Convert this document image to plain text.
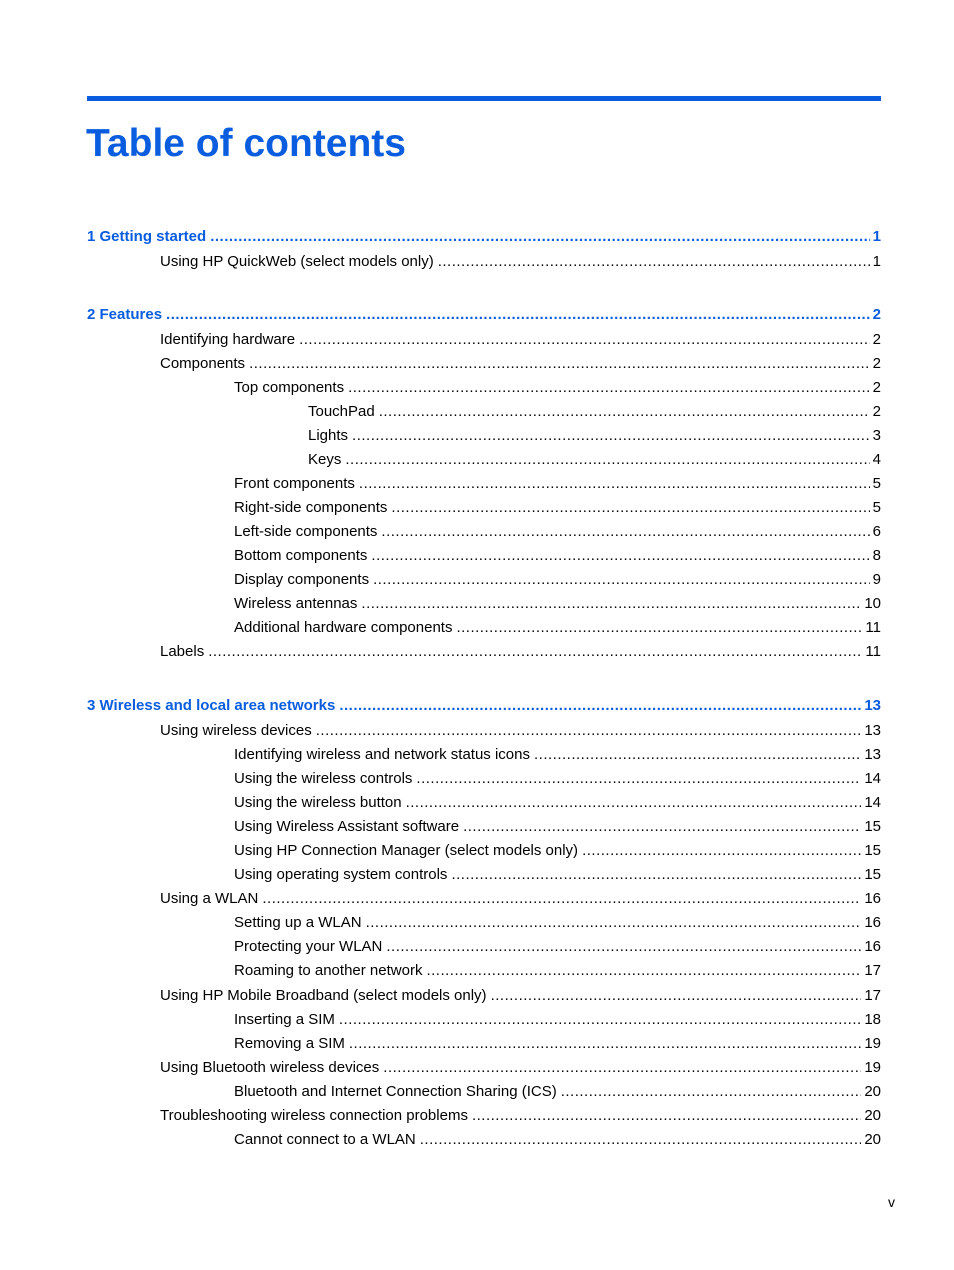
Table of contents
1 Getting started .....	1
Using HP QuickWeb (select models only) .....	1
2 Features .....	2
Identifying hardware .....	2
Components .....	2
Top components .....	2
TouchPad .....	2
Lights .....	3
Keys .....	4
Front components .....	5
Right-side components .....	5
Left-side components .....	6
Bottom components .....	8
Display components .....	9
Wireless antennas .....	10
Additional hardware components .....	11
Labels .....	11
3 Wireless and local area networks .....	13
Using wireless devices .....	13
Identifying wireless and network status icons .....	13
Using the wireless controls .....	14
Using the wireless button .....	14
Using Wireless Assistant software .....	15
Using HP Connection Manager (select models only) .....	15
Using operating system controls .....	15
Using a WLAN .....	16
Setting up a WLAN .....	16
Protecting your WLAN .....	16
Roaming to another network .....	17
Using HP Mobile Broadband (select models only) .....	17
Inserting a SIM .....	18
Removing a SIM .....	19
Using Bluetooth wireless devices .....	19
Bluetooth and Internet Connection Sharing (ICS) .....	20
Troubleshooting wireless connection problems .....	20
Cannot connect to a WLAN .....	20
v
